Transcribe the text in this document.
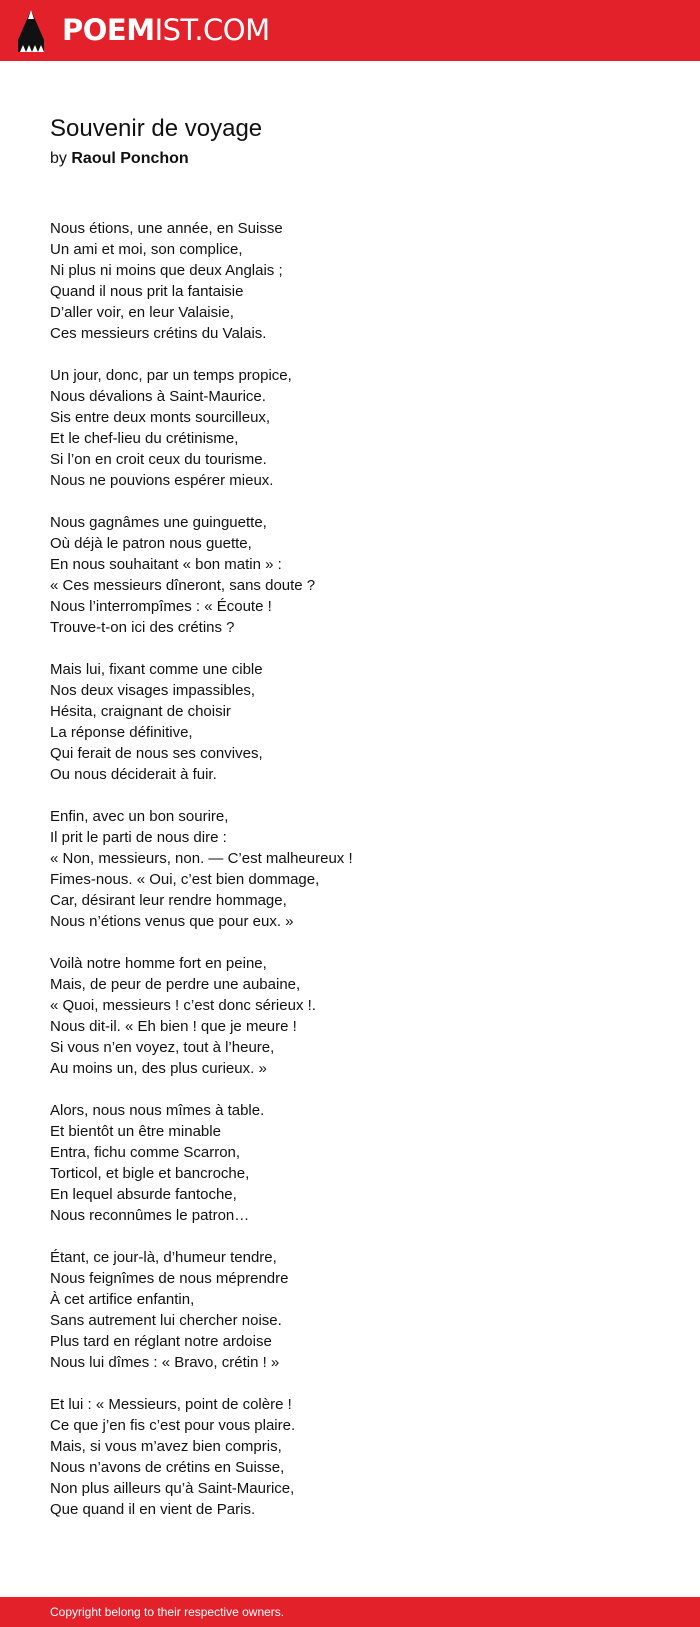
POEMIST.COM
Souvenir de voyage
by Raoul Ponchon
Nous étions, une année, en Suisse
Un ami et moi, son complice,
Ni plus ni moins que deux Anglais ;
Quand il nous prit la fantaisie
D’aller voir, en leur Valaisie,
Ces messieurs crétins du Valais.
Un jour, donc, par un temps propice,
Nous dévalions à Saint-Maurice.
Sis entre deux monts sourcilleux,
Et le chef-lieu du crétinisme,
Si l’on en croit ceux du tourisme.
Nous ne pouvions espérer mieux.
Nous gagnâmes une guinguette,
Où déjà le patron nous guette,
En nous souhaitant « bon matin » :
« Ces messieurs dîneront, sans doute ?
Nous l’interrompîmes : « Écoute !
Trouve-t-on ici des crétins ?
Mais lui, fixant comme une cible
Nos deux visages impassibles,
Hésita, craignant de choisir
La réponse définitive,
Qui ferait de nous ses convives,
Ou nous déciderait à fuir.
Enfin, avec un bon sourire,
Il prit le parti de nous dire :
« Non, messieurs, non. — C’est malheureux !
Fimes-nous. « Oui, c’est bien dommage,
Car, désirant leur rendre hommage,
Nous n’étions venus que pour eux. »
Voilà notre homme fort en peine,
Mais, de peur de perdre une aubaine,
« Quoi, messieurs ! c’est donc sérieux !.
Nous dit-il. « Eh bien ! que je meure !
Si vous n’en voyez, tout à l’heure,
Au moins un, des plus curieux. »
Alors, nous nous mîmes à table.
Et bientôt un être minable
Entra, fichu comme Scarron,
Torticol, et bigle et bancroche,
En lequel absurde fantoche,
Nous reconnûmes le patron…
Étant, ce jour-là, d’humeur tendre,
Nous feignîmes de nous méprendre
À cet artifice enfantin,
Sans autrement lui chercher noise.
Plus tard en réglant notre ardoise
Nous lui dîmes : « Bravo, crétin ! »
Et lui : « Messieurs, point de colère !
Ce que j’en fis c’est pour vous plaire.
Mais, si vous m’avez bien compris,
Nous n’avons de crétins en Suisse,
Non plus ailleurs qu’à Saint-Maurice,
Que quand il en vient de Paris.
Copyright belong to their respective owners.
